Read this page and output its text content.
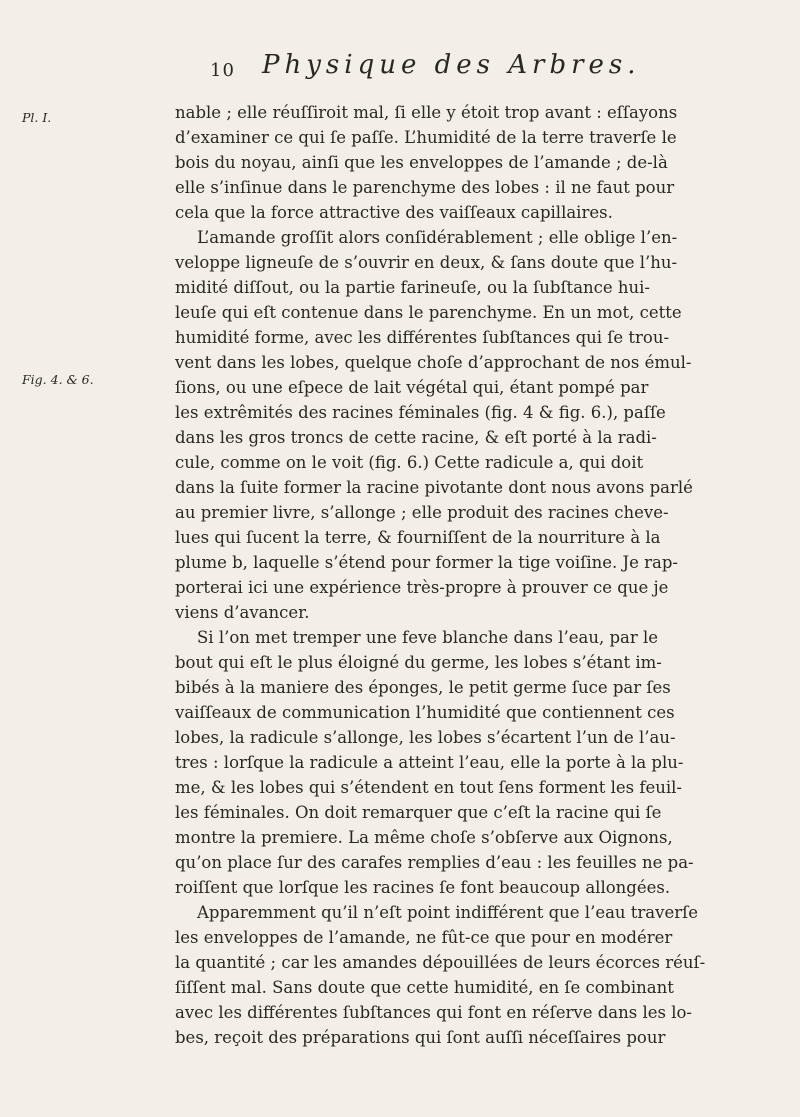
10 Physique des Arbres.
Pl. I.
Fig. 4. & 6.
nable ; elle réuſſiroit mal, ſi elle y étoit trop avant : eſſayons
d’examiner ce qui ſe paſſe. L’humidité de la terre traverſe le
bois du noyau, ainſi que les enveloppes de l’amande ; de-là
elle s’inſinue dans le parenchyme des lobes : il ne faut pour
cela que la force attractive des vaiſſeaux capillaires.
L’amande groſſit alors conſidérablement ; elle oblige l’en-
veloppe ligneuſe de s’ouvrir en deux, & ſans doute que l’hu-
midité diſſout, ou la partie farineuſe, ou la ſubſtance hui-
leuſe qui eſt contenue dans le parenchyme. En un mot, cette
humidité forme, avec les différentes ſubſtances qui ſe trou-
vent dans les lobes, quelque choſe d’approchant de nos émul-
ſions, ou une eſpece de lait végétal qui, étant pompé par
les extrêmités des racines féminales (fig. 4 & fig. 6.), paſſe
dans les gros troncs de cette racine, & eſt porté à la radi-
cule, comme on le voit (fig. 6.) Cette radicule a, qui doit
dans la ſuite former la racine pivotante dont nous avons parlé
au premier livre, s’allonge ; elle produit des racines cheve-
lues qui ſucent la terre, & fourniſſent de la nourriture à la
plume b, laquelle s’étend pour former la tige voiſine. Je rap-
porterai ici une expérience très-propre à prouver ce que je
viens d’avancer.
Si l’on met tremper une feve blanche dans l’eau, par le
bout qui eſt le plus éloigné du germe, les lobes s’étant im-
bibés à la maniere des éponges, le petit germe ſuce par ſes
vaiſſeaux de communication l’humidité que contiennent ces
lobes, la radicule s’allonge, les lobes s’écartent l’un de l’au-
tres : lorſque la radicule a atteint l’eau, elle la porte à la plu-
me, & les lobes qui s’étendent en tout ſens forment les feuil-
les féminales. On doit remarquer que c’eſt la racine qui ſe
montre la premiere. La même choſe s’obſerve aux Oignons,
qu’on place ſur des carafes remplies d’eau : les feuilles ne pa-
roiſſent que lorſque les racines ſe font beaucoup allongées.
Apparemment qu’il n’eſt point indifférent que l’eau traverſe
les enveloppes de l’amande, ne fût-ce que pour en modérer
la quantité ; car les amandes dépouillées de leurs écorces réuſ-
ſiſſent mal. Sans doute que cette humidité, en ſe combinant
avec les différentes ſubſtances qui font en réſerve dans les lo-
bes, reçoit des préparations qui ſont auſſi néceſſaires pour
